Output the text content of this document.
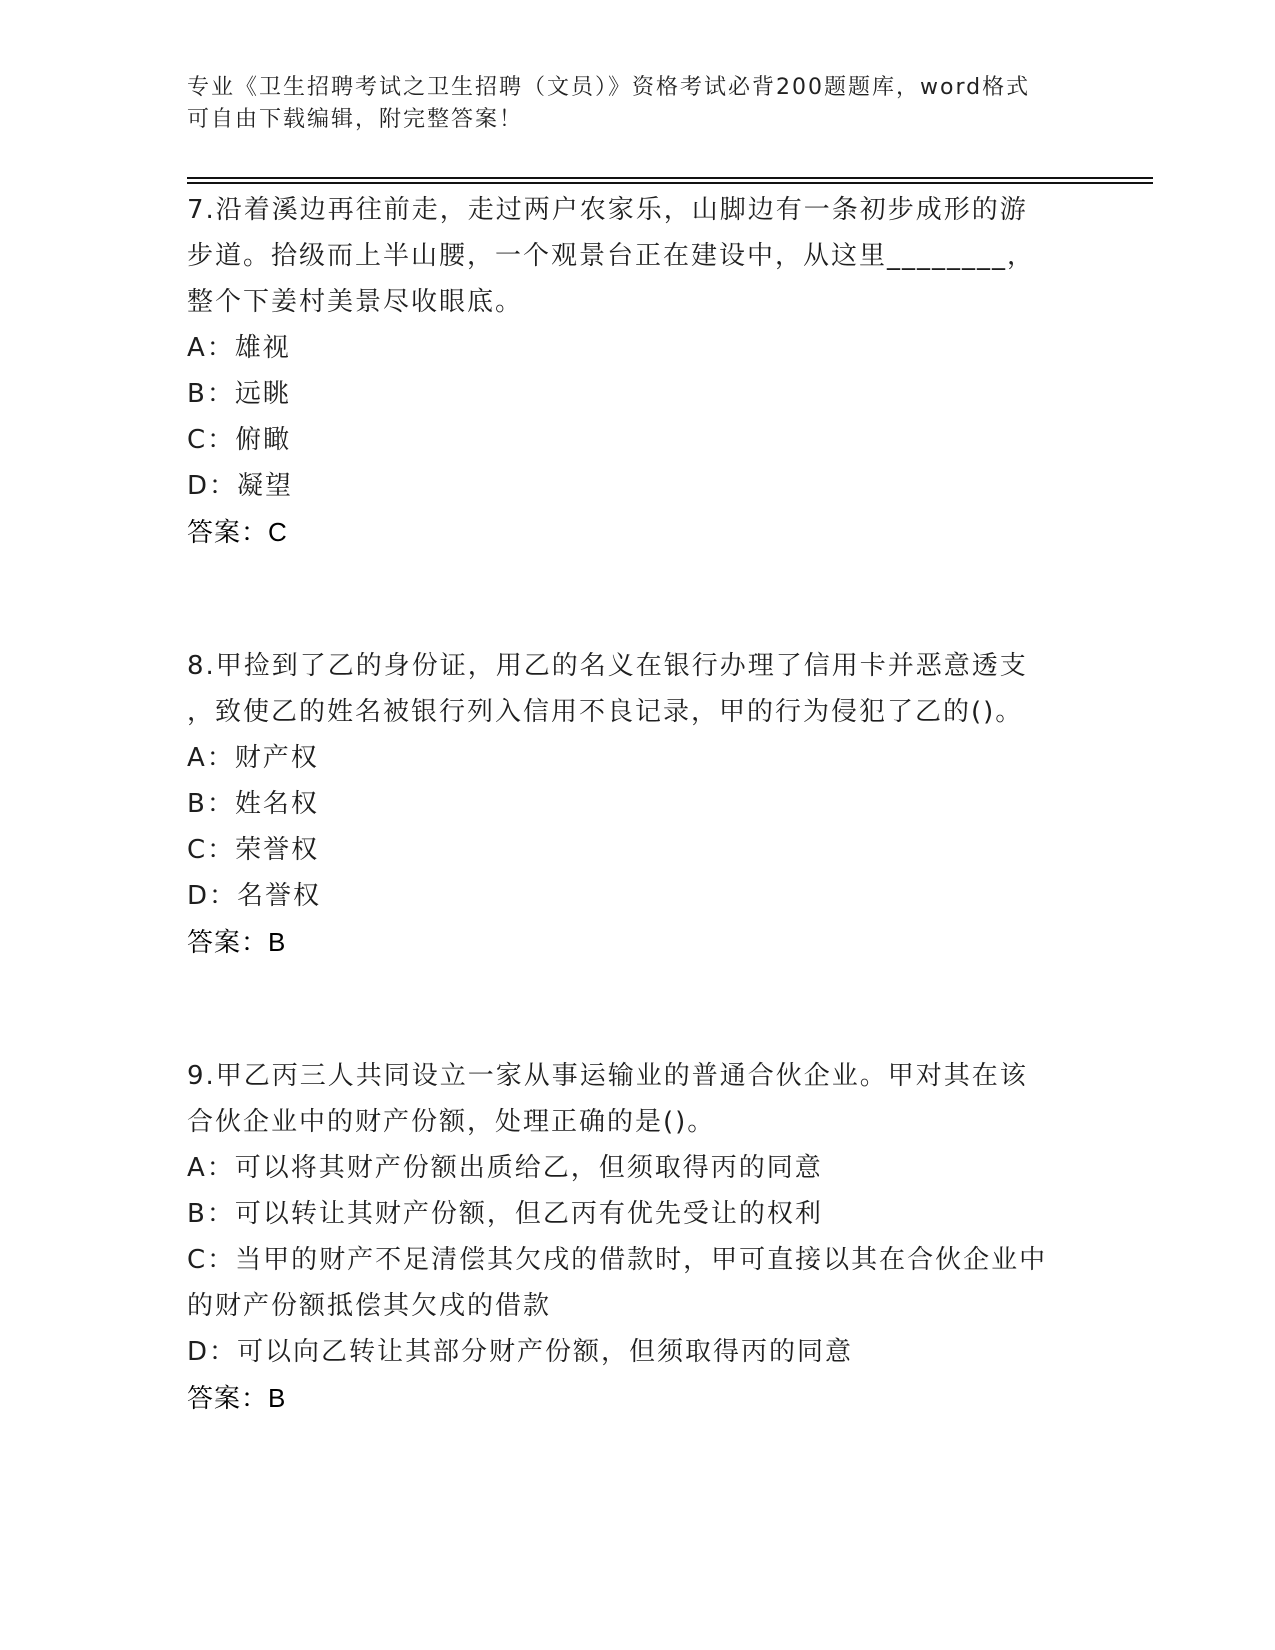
专业《卫生招聘考试之卫生招聘（文员）》资格考试必背200题题库，word格式
可自由下载编辑，附完整答案！
7.沿着溪边再往前走，走过两户农家乐，山脚边有一条初步成形的游
步道。拾级而上半山腰，一个观景台正在建设中，从这里________，
整个下姜村美景尽收眼底。
A：雄视
B：远眺
C：俯瞰
D：凝望
答案：C
8.甲捡到了乙的身份证，用乙的名义在银行办理了信用卡并恶意透支
，致使乙的姓名被银行列入信用不良记录，甲的行为侵犯了乙的()。
A：财产权
B：姓名权
C：荣誉权
D：名誉权
答案：B
9.甲乙丙三人共同设立一家从事运输业的普通合伙企业。甲对其在该
合伙企业中的财产份额，处理正确的是()。
A：可以将其财产份额出质给乙，但须取得丙的同意
B：可以转让其财产份额，但乙丙有优先受让的权利
C：当甲的财产不足清偿其欠戌的借款时，甲可直接以其在合伙企业中
的财产份额抵偿其欠戌的借款
D：可以向乙转让其部分财产份额，但须取得丙的同意
答案：B
